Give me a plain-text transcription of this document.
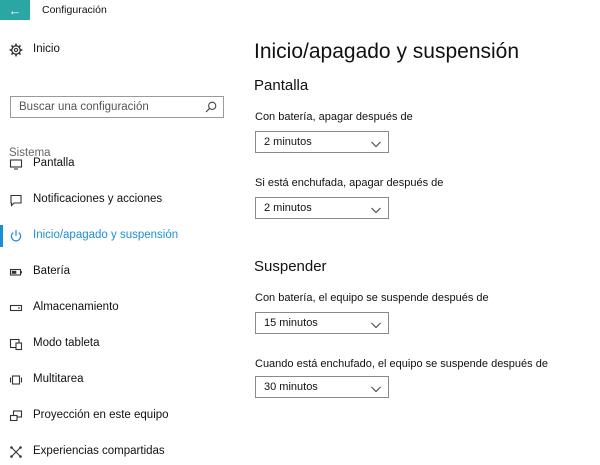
← Configuración
Inicio
Buscar una configuración
Sistema
Pantalla
Notificaciones y acciones
Inicio/apagado y suspensión
Batería
Almacenamiento
Modo tableta
Multitarea
Proyección en este equipo
Experiencias compartidas
Inicio/apagado y suspensión
Pantalla
Con batería, apagar después de
2 minutos
Si está enchufada, apagar después de
2 minutos
Suspender
Con batería, el equipo se suspende después de
15 minutos
Cuando está enchufado, el equipo se suspende después de
30 minutos
